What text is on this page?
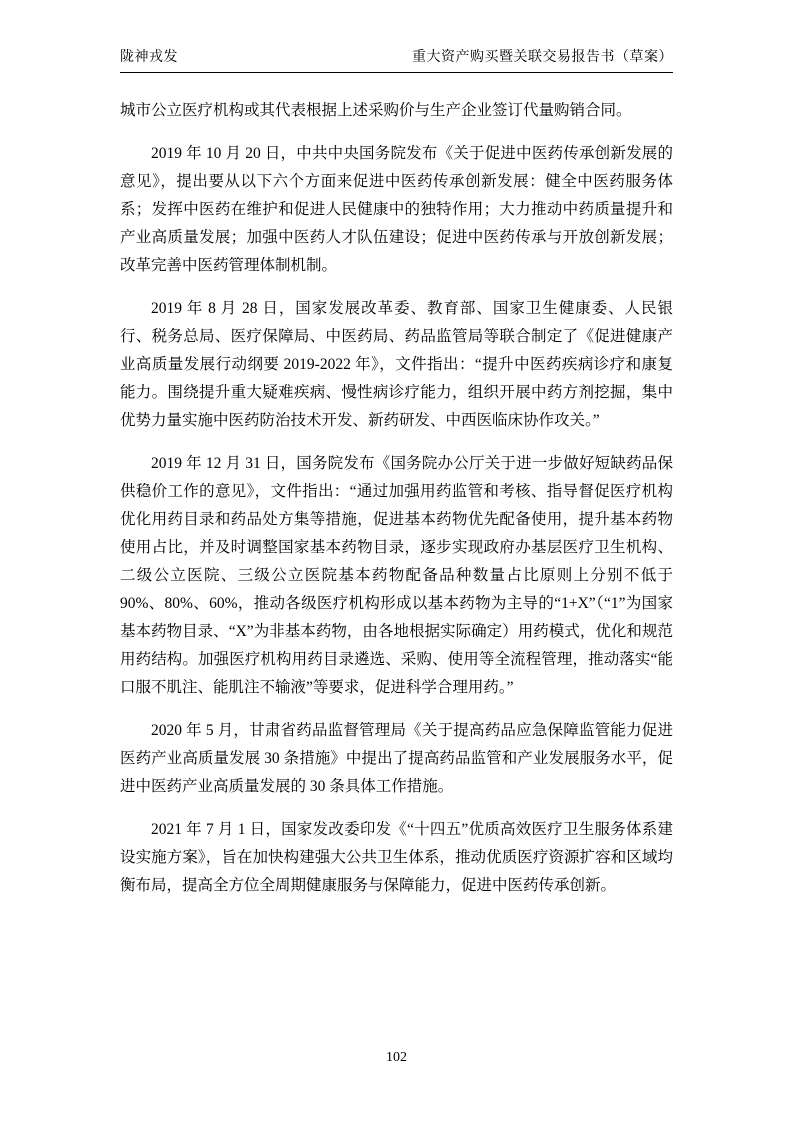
陇神戎发	重大资产购买暨关联交易报告书（草案）

城市公立医疗机构或其代表根据上述采购价与生产企业签订代量购销合同。

2019 年 10 月 20 日，中共中央国务院发布《关于促进中医药传承创新发展的意见》，提出要从以下六个方面来促进中医药传承创新发展：健全中医药服务体系；发挥中医药在维护和促进人民健康中的独特作用；大力推动中药质量提升和产业高质量发展；加强中医药人才队伍建设；促进中医药传承与开放创新发展；改革完善中医药管理体制机制。

2019 年 8 月 28 日，国家发展改革委、教育部、国家卫生健康委、人民银行、税务总局、医疗保障局、中医药局、药品监管局等联合制定了《促进健康产业高质量发展行动纲要 2019-2022 年》，文件指出：“提升中医药疾病诊疗和康复能力。围绕提升重大疑难疾病、慢性病诊疗能力，组织开展中药方剂挖掘，集中优势力量实施中医药防治技术开发、新药研发、中西医临床协作攻关。”

2019 年 12 月 31 日，国务院发布《国务院办公厅关于进一步做好短缺药品保供稳价工作的意见》，文件指出：“通过加强用药监管和考核、指导督促医疗机构优化用药目录和药品处方集等措施，促进基本药物优先配备使用，提升基本药物使用占比，并及时调整国家基本药物目录，逐步实现政府办基层医疗卫生机构、二级公立医院、三级公立医院基本药物配备品种数量占比原则上分别不低于 90%、80%、60%，推动各级医疗机构形成以基本药物为主导的“1+X”（“1”为国家基本药物目录、“X”为非基本药物，由各地根据实际确定）用药模式，优化和规范用药结构。加强医疗机构用药目录遴选、采购、使用等全流程管理，推动落实“能口服不肌注、能肌注不输液”等要求，促进科学合理用药。”

2020 年 5 月，甘肃省药品监督管理局《关于提高药品应急保障监管能力促进医药产业高质量发展 30 条措施》中提出了提高药品监管和产业发展服务水平，促进中医药产业高质量发展的 30 条具体工作措施。

2021 年 7 月 1 日，国家发改委印发《“十四五”优质高效医疗卫生服务体系建设实施方案》，旨在加快构建强大公共卫生体系，推动优质医疗资源扩容和区域均衡布局，提高全方位全周期健康服务与保障能力，促进中医药传承创新。

102
